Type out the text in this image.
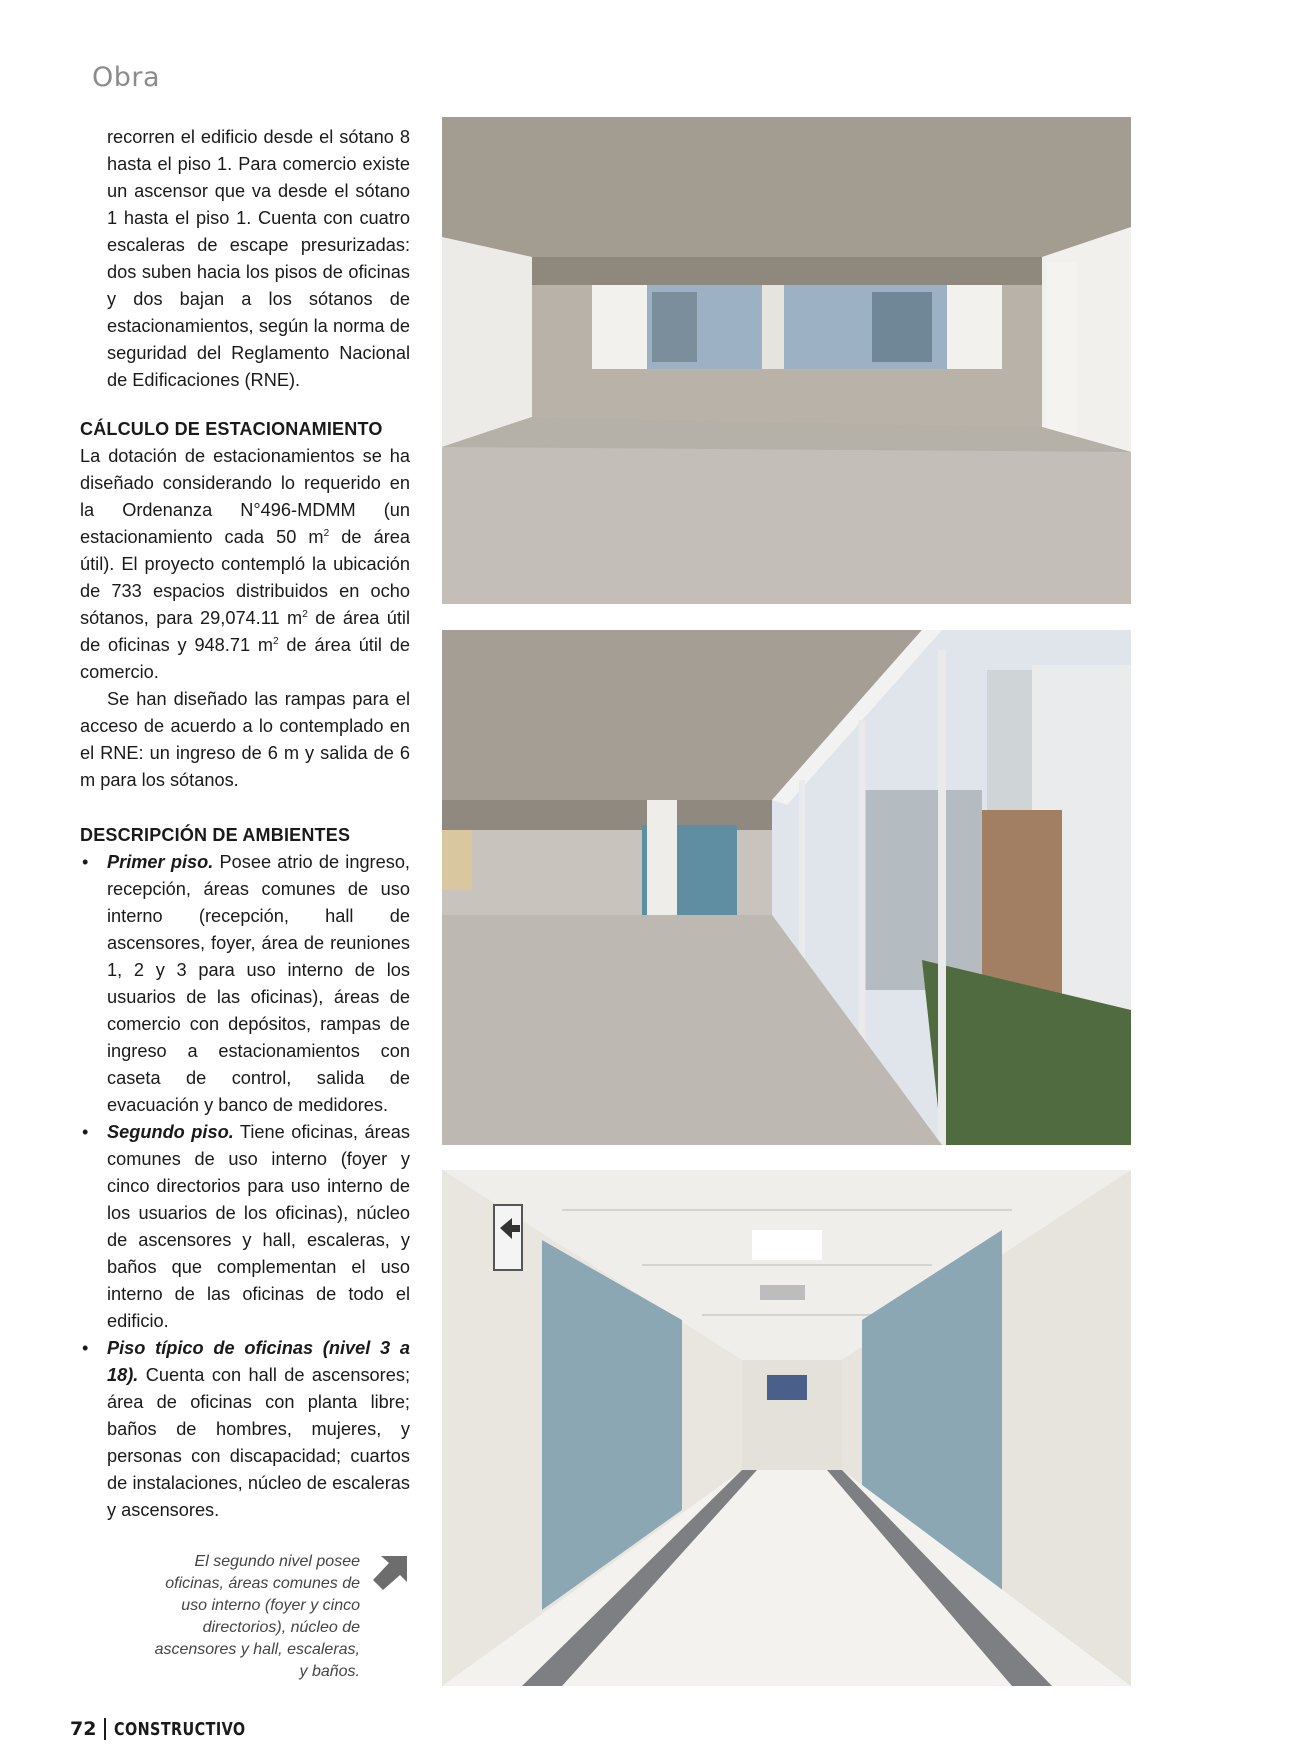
Obra

recorren el edificio desde el sótano 8 hasta el piso 1. Para comercio existe un ascensor que va desde el sótano 1 hasta el piso 1. Cuenta con cuatro escaleras de escape presurizadas: dos suben hacia los pisos de oficinas y dos bajan a los sótanos de estacionamientos, según la norma de seguridad del Reglamento Nacional de Edificaciones (RNE).

CÁLCULO DE ESTACIONAMIENTO

La dotación de estacionamientos se ha diseñado considerando lo requerido en la Ordenanza N°496-MDMM (un estacionamiento cada 50 $m^2$ de área útil). El proyecto contempló la ubicación de 733 espacios distribuidos en ocho sótanos, para 29,074.11 $m^2$ de área útil de oficinas y 948.71 $m^2$ de área útil de comercio.

Se han diseñado las rampas para el acceso de acuerdo a lo contemplado en el RNE: un ingreso de 6 m y salida de 6 m para los sótanos.

DESCRIPCIÓN DE AMBIENTES
• Primer piso. Posee atrio de ingreso, recepción, áreas comunes de uso interno (recepción, hall de ascensores, foyer, área de reuniones 1, 2 y 3 para uso interno de los usuarios de las oficinas), áreas de comercio con depósitos, rampas de ingreso a estacionamientos con caseta de control, salida de evacuación y banco de medidores.
• Segundo piso. Tiene oficinas, áreas comunes de uso interno (foyer y cinco directorios para uso interno de los usuarios de los oficinas), núcleo de ascensores y hall, escaleras, y baños que complementan el uso interno de las oficinas de todo el edificio.
• Piso típico de oficinas (nivel 3 a 18). Cuenta con hall de ascensores; área de oficinas con planta libre; baños de hombres, mujeres, y personas con discapacidad; cuartos de instalaciones, núcleo de escaleras y ascensores.
El segundo nivel posee oficinas, áreas comunes de uso interno (foyer y cinco directorios), núcleo de ascensores y hall, escaleras, y baños.
72 CONSTRUCTIVO
